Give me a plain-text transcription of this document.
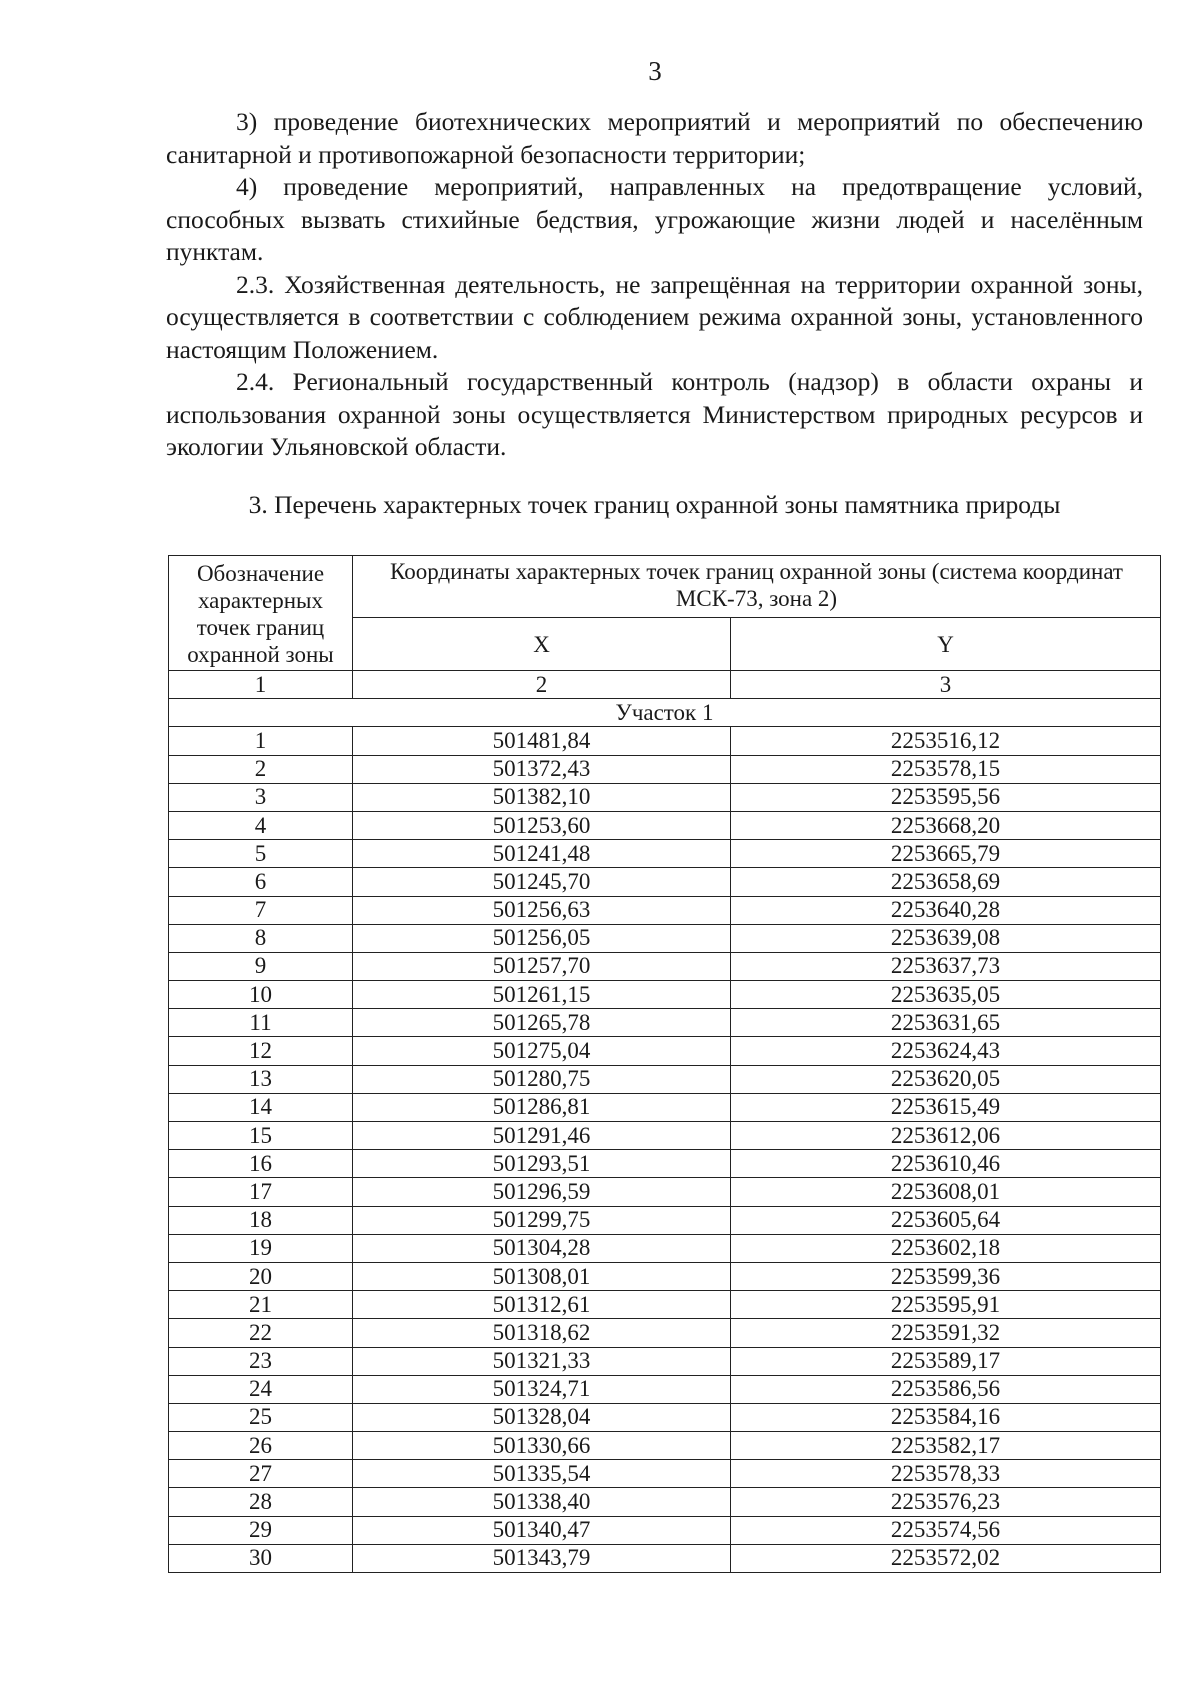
3

3) проведение биотехнических мероприятий и мероприятий по обеспечению санитарной и противопожарной безопасности территории;

4) проведение мероприятий, направленных на предотвращение условий, способных вызвать стихийные бедствия, угрожающие жизни людей и населённым пунктам.

2.3. Хозяйственная деятельность, не запрещённая на территории охранной зоны, осуществляется в соответствии с соблюдением режима охранной зоны, установленного настоящим Положением.

2.4. Региональный государственный контроль (надзор) в области охраны и использования охранной зоны осуществляется Министерством природных ресурсов и экологии Ульяновской области.

3. Перечень характерных точек границ охранной зоны памятника природы
Обозначение характерных точек границ охранной зоны	Координаты характерных точек границ охранной зоны (система координат МСК-73, зона 2)	
	X	Y
1	2	3
Участок 1		
1	501481,84	2253516,12
2	501372,43	2253578,15
3	501382,10	2253595,56
4	501253,60	2253668,20
5	501241,48	2253665,79
6	501245,70	2253658,69
7	501256,63	2253640,28
8	501256,05	2253639,08
9	501257,70	2253637,73
10	501261,15	2253635,05
11	501265,78	2253631,65
12	501275,04	2253624,43
13	501280,75	2253620,05
14	501286,81	2253615,49
15	501291,46	2253612,06
16	501293,51	2253610,46
17	501296,59	2253608,01
18	501299,75	2253605,64
19	501304,28	2253602,18
20	501308,01	2253599,36
21	501312,61	2253595,91
22	501318,62	2253591,32
23	501321,33	2253589,17
24	501324,71	2253586,56
25	501328,04	2253584,16
26	501330,66	2253582,17
27	501335,54	2253578,33
28	501338,40	2253576,23
29	501340,47	2253574,56
30	501343,79	2253572,02
